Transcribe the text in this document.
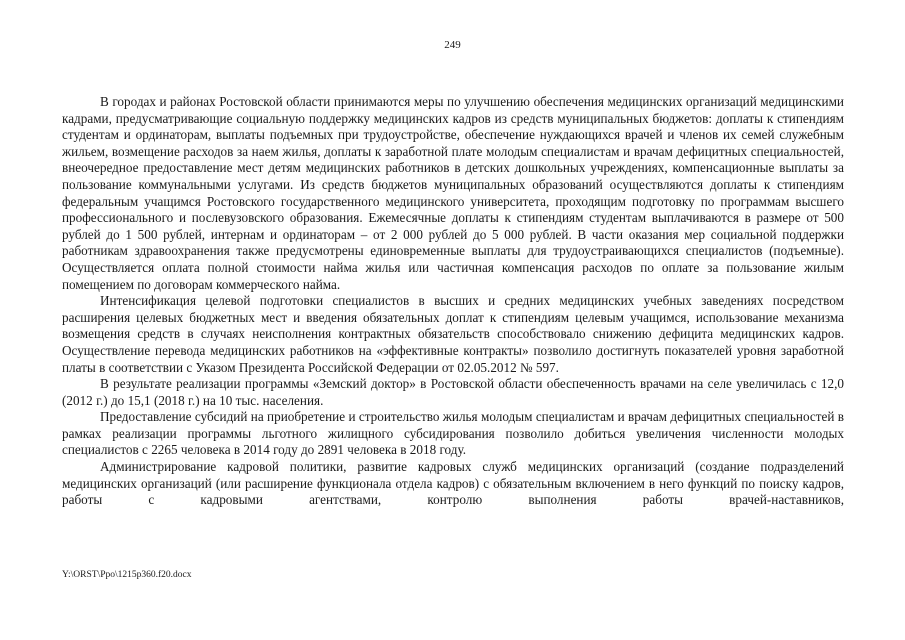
249

В городах и районах Ростовской области принимаются меры по улучшению обеспечения медицинских организаций медицинскими кадрами, предусматривающие социальную поддержку медицинских кадров из средств муниципальных бюджетов: доплаты к стипендиям студентам и ординаторам, выплаты подъемных при трудоустройстве, обеспечение нуждающихся врачей и членов их семей служебным жильем, возмещение расходов за наем жилья, доплаты к заработной плате молодым специалистам и врачам дефицитных специальностей, внеочередное предоставление мест детям медицинских работников в детских дошкольных учреждениях, компенсационные выплаты за пользование коммунальными услугами. Из средств бюджетов муниципальных образований осуществляются доплаты к стипендиям федеральным учащимся Ростовского государственного медицинского университета, проходящим подготовку по программам высшего профессионального и послевузовского образования. Ежемесячные доплаты к стипендиям студентам выплачиваются в размере от 500 рублей до 1 500 рублей, интернам и ординаторам – от 2 000 рублей до 5 000 рублей. В части оказания мер социальной поддержки работникам здравоохранения также предусмотрены единовременные выплаты для трудоустраивающихся специалистов (подъемные). Осуществляется оплата полной стоимости найма жилья или частичная компенсация расходов по оплате за пользование жилым помещением по договорам коммерческого найма.

Интенсификация целевой подготовки специалистов в высших и средних медицинских учебных заведениях посредством расширения целевых бюджетных мест и введения обязательных доплат к стипендиям целевым учащимся, использование механизма возмещения средств в случаях неисполнения контрактных обязательств способствовало снижению дефицита медицинских кадров. Осуществление перевода медицинских работников на «эффективные контракты» позволило достигнуть показателей уровня заработной платы в соответствии с Указом Президента Российской Федерации от 02.05.2012 № 597.

В результате реализации программы «Земский доктор» в Ростовской области обеспеченность врачами на селе увеличилась с 12,0 (2012 г.) до 15,1 (2018 г.) на 10 тыс. населения.

Предоставление субсидий на приобретение и строительство жилья молодым специалистам и врачам дефицитных специальностей в рамках реализации программы льготного жилищного субсидирования позволило добиться увеличения численности молодых специалистов с 2265 человека в 2014 году до 2891 человека в 2018 году.

Администрирование кадровой политики, развитие кадровых служб медицинских организаций (создание подразделений медицинских организаций (или расширение функционала отдела кадров) с обязательным включением в него функций по поиску кадров, работы с кадровыми агентствами, контролю выполнения работы врачей-наставников,

Y:\ORST\Ppo\1215p360.f20.docx
